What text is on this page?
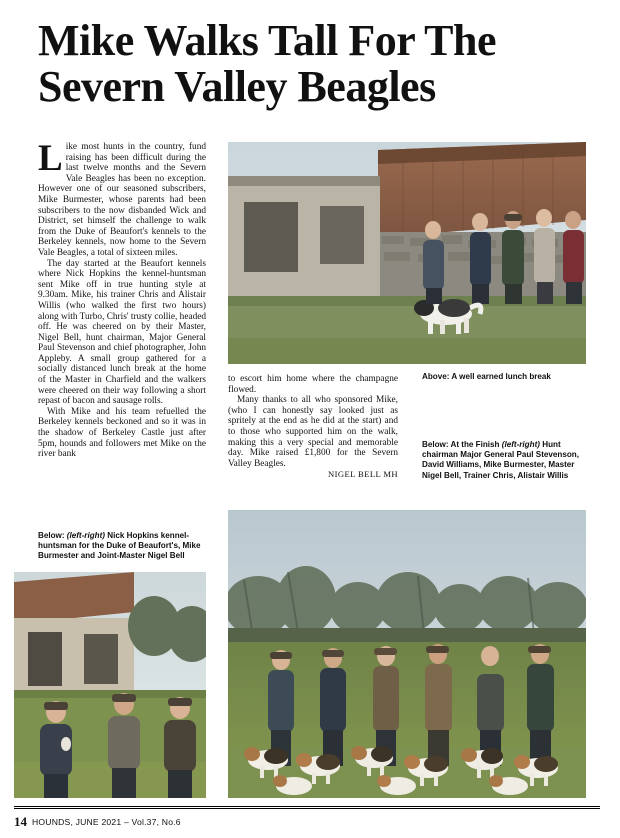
Mike Walks Tall For The
Severn Valley Beagles

Like most hunts in the country, fund raising has been difficult during the last twelve months and the Severn Vale Beagles has been no exception. However one of our seasoned subscribers, Mike Burmester, whose parents had been subscribers to the now disbanded Wick and District, set himself the challenge to walk from the Duke of Beaufort's kennels to the Berkeley kennels, now home to the Severn Vale Beagles, a total of sixteen miles.

The day started at the Beaufort kennels where Nick Hopkins the kennel-huntsman sent Mike off in true hunting style at 9.30am. Mike, his trainer Chris and Alistair Willis (who walked the first two hours) along with Turbo, Chris' trusty collie, headed off. He was cheered on by their Master, Nigel Bell, hunt chairman, Major General Paul Stevenson and chief photographer, John Appleby. A small group gathered for a socially distanced lunch break at the home of the Master in Charfield and the walkers were cheered on their way following a short repast of bacon and sausage rolls.

With Mike and his team refuelled the Berkeley kennels beckoned and so it was in the shadow of Berkeley Castle just after 5pm, hounds and followers met Mike on the river bank

to escort him home where the champagne flowed.

Many thanks to all who sponsored Mike, (who I can honestly say looked just as spritely at the end as he did at the start) and to those who supported him on the walk, making this a very special and memorable day. Mike raised £1,800 for the Severn Valley Beagles.

NIGEL BELL MH

Above: A well earned lunch break
Below: At the Finish (left-right) Hunt chairman Major General Paul Stevenson, David Williams, Mike Burmester, Master Nigel Bell, Trainer Chris, Alistair Willis
Below: (left-right) Nick Hopkins kennel-huntsman for the Duke of Beaufort's, Mike Burmester and Joint-Master Nigel Bell
14 HOUNDS, JUNE 2021 – Vol.37, No.6
